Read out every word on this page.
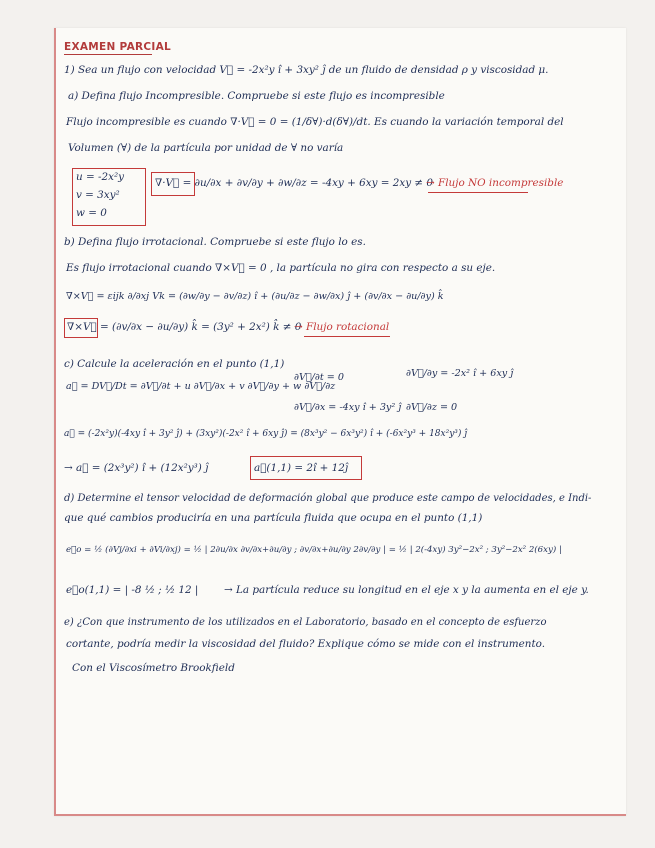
EXAMEN PARCIAL
1) Sea un flujo con velocidad V⃗ = -2x²y î + 3xy² ĵ de un fluido de densidad ρ y viscosidad μ.
a) Defina flujo Incompresible. Compruebe si este flujo es incompresible
Flujo incompresible es cuando ∇·V⃗ = 0 = (1/δ∀)·d(δ∀)/dt. Es cuando la variación temporal del
Volumen (∀) de la partícula por unidad de ∀ no varía
u = -2x²y
v = 3xy²
w = 0
∇·V⃗ = ∂u/∂x + ∂v/∂y + ∂w/∂z = -4xy + 6xy = 2xy ≠ 0
→ Flujo NO incompresible
b) Defina flujo irrotacional. Compruebe si este flujo lo es.
Es flujo irrotacional cuando ∇×V⃗ = 0 , la partícula no gira con respecto a su eje.
∇×V⃗ = εijk ∂/∂xj Vk = (∂w/∂y − ∂v/∂z) î + (∂u/∂z − ∂w/∂x) ĵ + (∂v/∂x − ∂u/∂y) k̂
∇×V⃗ = (∂v/∂x − ∂u/∂y) k̂ = (3y² + 2x²) k̂ ≠ 0
→ Flujo rotacional
c) Calcule la aceleración en el punto (1,1)
a⃗ = DV⃗/Dt = ∂V⃗/∂t + u ∂V⃗/∂x + v ∂V⃗/∂y + w ∂V⃗/∂z
∂V⃗/∂t = 0
∂V⃗/∂x = -4xy î + 3y² ĵ
∂V⃗/∂y = -2x² î + 6xy ĵ
∂V⃗/∂z = 0
a⃗ = (-2x²y)(-4xy î + 3y² ĵ) + (3xy²)(-2x² î + 6xy ĵ) = (8x³y² − 6x³y²) î + (-6x²y³ + 18x²y³) ĵ
→ a⃗ = (2x³y²) î + (12x²y³) ĵ	a⃗(1,1) = 2î + 12ĵ
d) Determine el tensor velocidad de deformación global que produce este campo de velocidades, e Indi-
que qué cambios produciría en una partícula fluida que ocupa en el punto (1,1)
e⃗o = ½ (∂Vj/∂xi + ∂Vi/∂xj) = ½ | 2∂u/∂x ∂v/∂x+∂u/∂y ; ∂v/∂x+∂u/∂y 2∂v/∂y | = ½ | 2(-4xy) 3y²−2x² ; 3y²−2x² 2(6xy) |
e⃗o(1,1) = | -8 ½ ; ½ 12 | → La partícula reduce su longitud en el eje x y la aumenta en el eje y.
e) ¿Con que instrumento de los utilizados en el Laboratorio, basado en el concepto de esfuerzo
cortante, podría medir la viscosidad del fluido? Explique cómo se mide con el instrumento.
Con el Viscosímetro Brookfield
